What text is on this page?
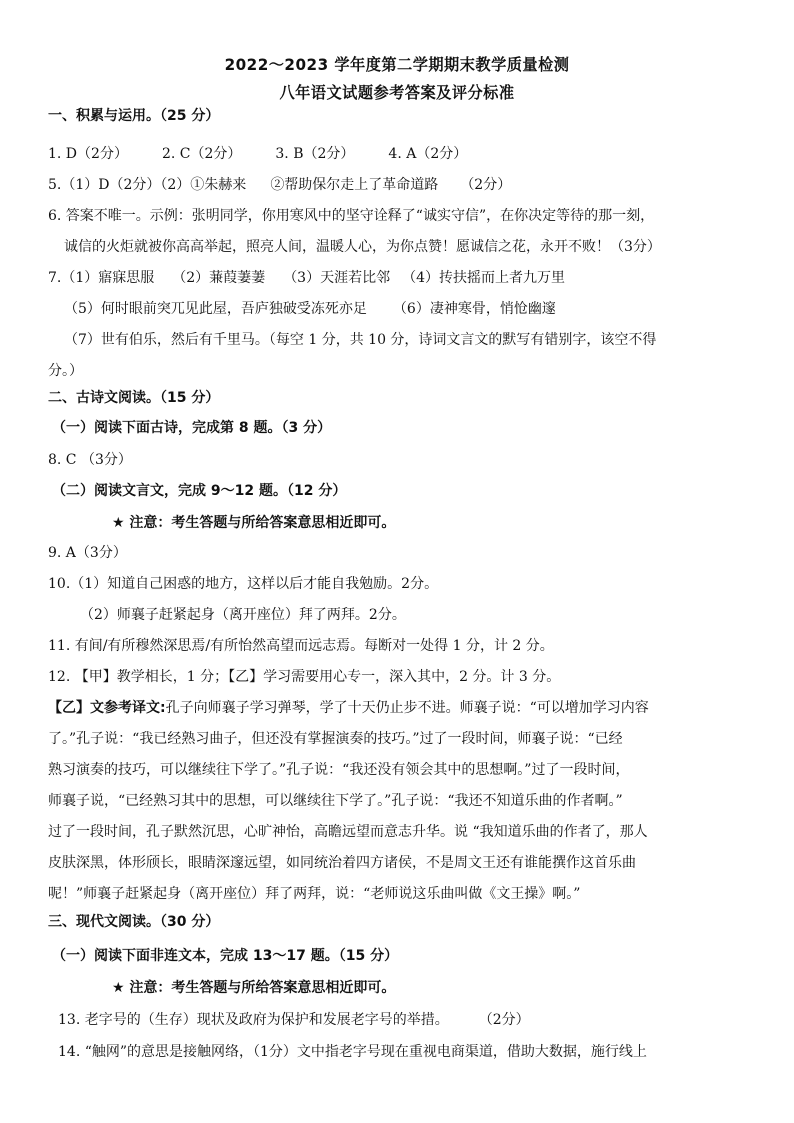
2022～2023 学年度第二学期期末教学质量检测
八年语文试题参考答案及评分标准
一、积累与运用。（25 分）
1. D（2分） 2. C（2分） 3. B（2分） 4. A（2分）
5.（1）D（2分）（2）①朱赫来 ②帮助保尔走上了革命道路 （2分）
6. 答案不唯一。示例：张明同学，你用寒风中的坚守诠释了“诚实守信”，在你决定等待的那一刻，
诚信的火炬就被你高高举起，照亮人间，温暖人心，为你点赞！愿诚信之花，永开不败！（3分）
7.（1）寤寐思服 （2）蒹葭萋萋 （3）天涯若比邻 （4）抟扶摇而上者九万里
（5）何时眼前突兀见此屋，吾庐独破受冻死亦足 （6）凄神寒骨，悄怆幽邃
（7）世有伯乐，然后有千里马。（每空 1 分，共 10 分，诗词文言文的默写有错别字，该空不得
分。）
二、古诗文阅读。（15 分）
（一）阅读下面古诗，完成第 8 题。（3 分）
8. C （3分）
（二）阅读文言文，完成 9～12 题。（12 分）
★ 注意：考生答题与所给答案意思相近即可。
9. A（3分）
10.（1）知道自己困惑的地方，这样以后才能自我勉励。2分。
（2）师襄子赶紧起身（离开座位）拜了两拜。2分。
11. 有间/有所穆然深思焉/有所怡然高望而远志焉。每断对一处得 1 分，计 2 分。
12. 【甲】教学相长，1 分；【乙】学习需要用心专一，深入其中，2 分。计 3 分。
【乙】文参考译文:孔子向师襄子学习弹琴，学了十天仍止步不进。师襄子说：“可以增加学习内容
了。”孔子说：“我已经熟习曲子，但还没有掌握演奏的技巧。”过了一段时间，师襄子说：“已经
熟习演奏的技巧，可以继续往下学了。”孔子说：“我还没有领会其中的思想啊。”过了一段时间，
师襄子说，“已经熟习其中的思想，可以继续往下学了。”孔子说：“我还不知道乐曲的作者啊。”
过了一段时间，孔子默然沉思，心旷神怡，高瞻远望而意志升华。说 “我知道乐曲的作者了，那人
皮肤深黑，体形颀长，眼睛深邃远望，如同统治着四方诸侯，不是周文王还有谁能撰作这首乐曲
呢！”师襄子赶紧起身（离开座位）拜了两拜，说：“老师说这乐曲叫做《文王操》啊。”
三、现代文阅读。（30 分）
（一）阅读下面非连文本，完成 13～17 题。（15 分）
★ 注意：考生答题与所给答案意思相近即可。
13. 老字号的（生存）现状及政府为保护和发展老字号的举措。 （2分）
14. “触网”的意思是接触网络，（1分）文中指老字号现在重视电商渠道，借助大数据，施行线上
